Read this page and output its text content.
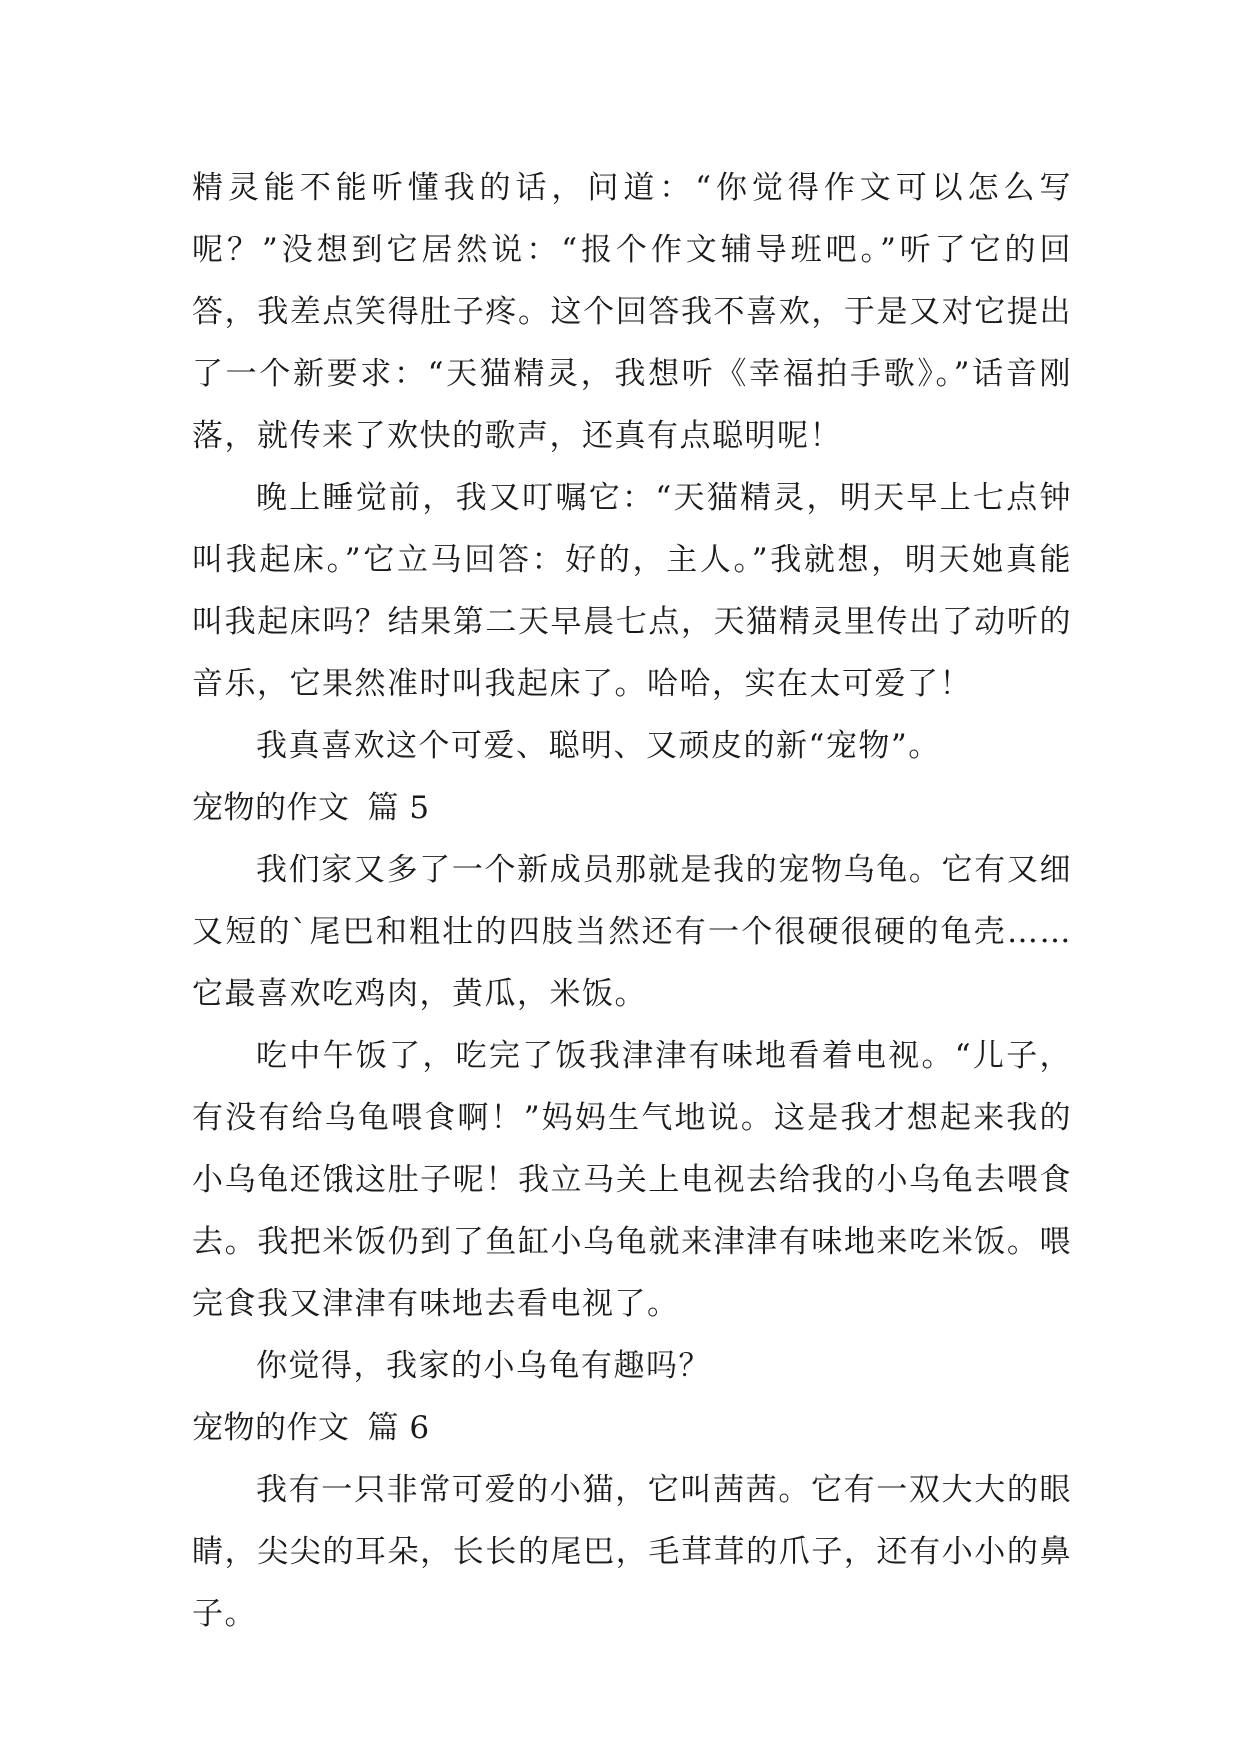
精灵能不能听懂我的话，问道：“你觉得作文可以怎么写呢？”没想到它居然说：“报个作文辅导班吧。”听了它的回答，我差点笑得肚子疼。这个回答我不喜欢，于是又对它提出了一个新要求：“天猫精灵，我想听《幸福拍手歌》。”话音刚落，就传来了欢快的歌声，还真有点聪明呢！

晚上睡觉前，我又叮嘱它：“天猫精灵，明天早上七点钟叫我起床。”它立马回答：好的，主人。”我就想，明天她真能叫我起床吗？结果第二天早晨七点，天猫精灵里传出了动听的音乐，它果然准时叫我起床了。哈哈，实在太可爱了！

我真喜欢这个可爱、聪明、又顽皮的新“宠物”。

宠物的作文 篇 5

我们家又多了一个新成员那就是我的宠物乌龟。它有又细又短的`尾巴和粗壮的四肢当然还有一个很硬很硬的龟壳……它最喜欢吃鸡肉，黄瓜，米饭。

吃中午饭了，吃完了饭我津津有味地看着电视。“儿子，有没有给乌龟喂食啊！”妈妈生气地说。这是我才想起来我的小乌龟还饿这肚子呢！我立马关上电视去给我的小乌龟去喂食去。我把米饭仍到了鱼缸小乌龟就来津津有味地来吃米饭。喂完食我又津津有味地去看电视了。

你觉得，我家的小乌龟有趣吗？

宠物的作文 篇 6

我有一只非常可爱的小猫，它叫茜茜。它有一双大大的眼睛，尖尖的耳朵，长长的尾巴，毛茸茸的爪子，还有小小的鼻子。
